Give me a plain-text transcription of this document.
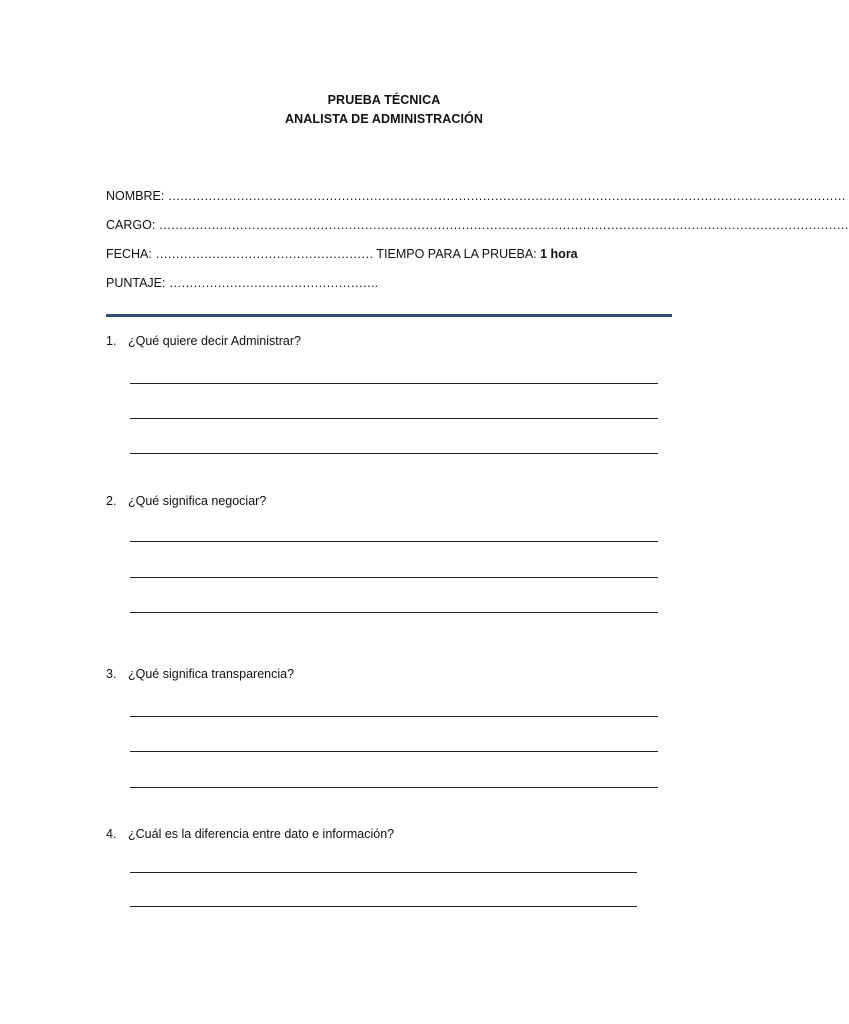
PRUEBA TÉCNICA
ANALISTA DE ADMINISTRACIÓN
NOMBRE: ……………………………………………………………………………………………………………………………………………………
CARGO: ………………………………………………………………………………………………………………………………………………………
FECHA: ……………………………………………… TIEMPO PARA LA PRUEBA: 1 hora
PUNTAJE: …………………………………………….
1. ¿Qué quiere decir Administrar?
2. ¿Qué significa negociar?
3. ¿Qué significa transparencia?
4. ¿Cuál es la diferencia entre dato e información?
